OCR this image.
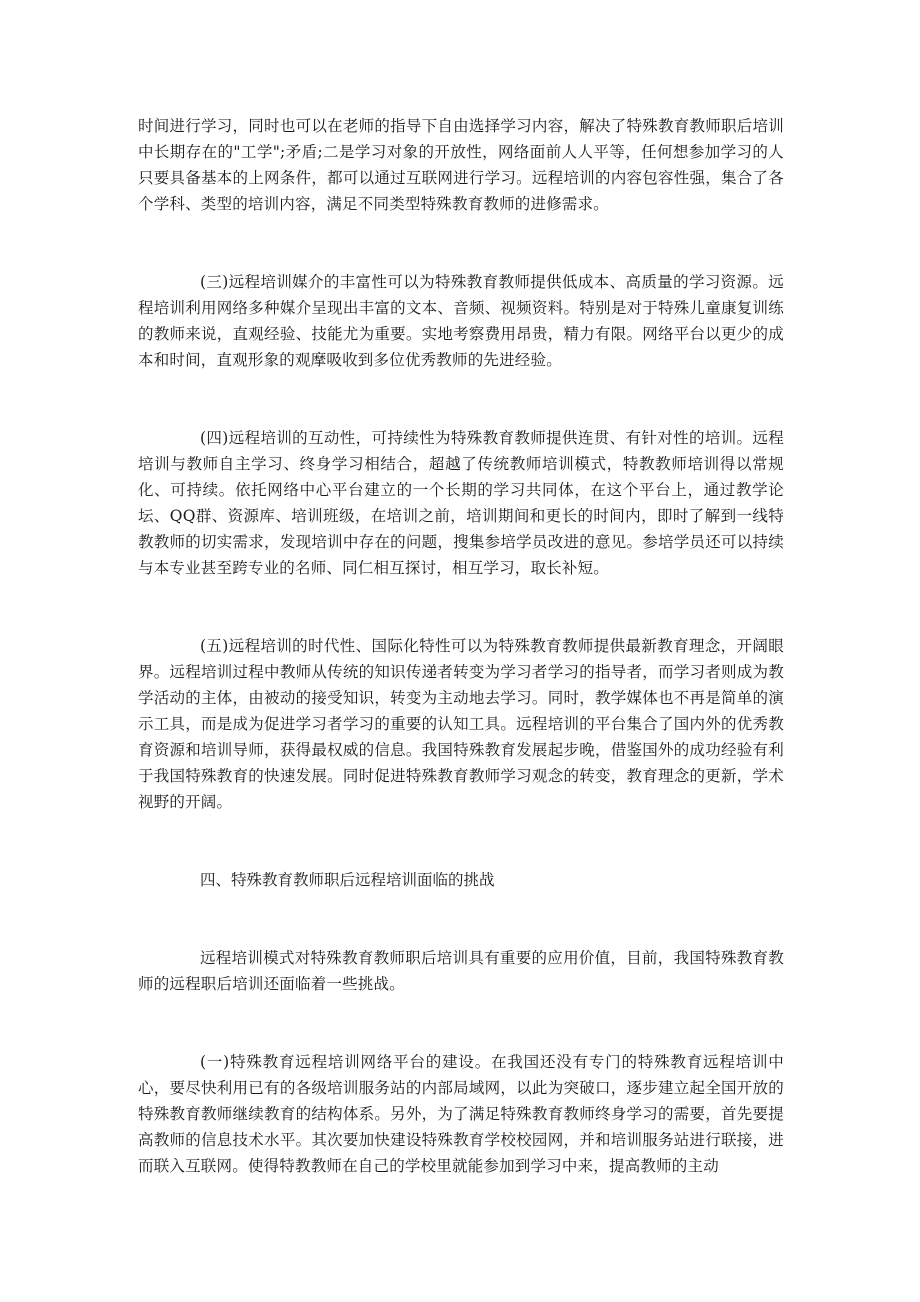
时间进行学习，同时也可以在老师的指导下自由选择学习内容，解决了特殊教育教师职后培训中长期存在的"工学";矛盾;二是学习对象的开放性，网络面前人人平等，任何想参加学习的人只要具备基本的上网条件，都可以通过互联网进行学习。远程培训的内容包容性强，集合了各个学科、类型的培训内容，满足不同类型特殊教育教师的进修需求。

(三)远程培训媒介的丰富性可以为特殊教育教师提供低成本、高质量的学习资源。远程培训利用网络多种媒介呈现出丰富的文本、音频、视频资料。特别是对于特殊儿童康复训练的教师来说，直观经验、技能尤为重要。实地考察费用昂贵，精力有限。网络平台以更少的成本和时间，直观形象的观摩吸收到多位优秀教师的先进经验。

(四)远程培训的互动性，可持续性为特殊教育教师提供连贯、有针对性的培训。远程培训与教师自主学习、终身学习相结合，超越了传统教师培训模式，特教教师培训得以常规化、可持续。依托网络中心平台建立的一个长期的学习共同体，在这个平台上，通过教学论坛、QQ群、资源库、培训班级，在培训之前，培训期间和更长的时间内，即时了解到一线特教教师的切实需求，发现培训中存在的问题，搜集参培学员改进的意见。参培学员还可以持续与本专业甚至跨专业的名师、同仁相互探讨，相互学习，取长补短。

(五)远程培训的时代性、国际化特性可以为特殊教育教师提供最新教育理念，开阔眼界。远程培训过程中教师从传统的知识传递者转变为学习者学习的指导者，而学习者则成为教学活动的主体，由被动的接受知识，转变为主动地去学习。同时，教学媒体也不再是简单的演示工具，而是成为促进学习者学习的重要的认知工具。远程培训的平台集合了国内外的优秀教育资源和培训导师，获得最权威的信息。我国特殊教育发展起步晚，借鉴国外的成功经验有利于我国特殊教育的快速发展。同时促进特殊教育教师学习观念的转变，教育理念的更新，学术视野的开阔。

四、特殊教育教师职后远程培训面临的挑战

远程培训模式对特殊教育教师职后培训具有重要的应用价值，目前，我国特殊教育教师的远程职后培训还面临着一些挑战。

(一)特殊教育远程培训网络平台的建设。在我国还没有专门的特殊教育远程培训中心，要尽快利用已有的各级培训服务站的内部局域网，以此为突破口，逐步建立起全国开放的特殊教育教师继续教育的结构体系。另外，为了满足特殊教育教师终身学习的需要，首先要提高教师的信息技术水平。其次要加快建设特殊教育学校校园网，并和培训服务站进行联接，进而联入互联网。使得特教教师在自己的学校里就能参加到学习中来，提高教师的主动
